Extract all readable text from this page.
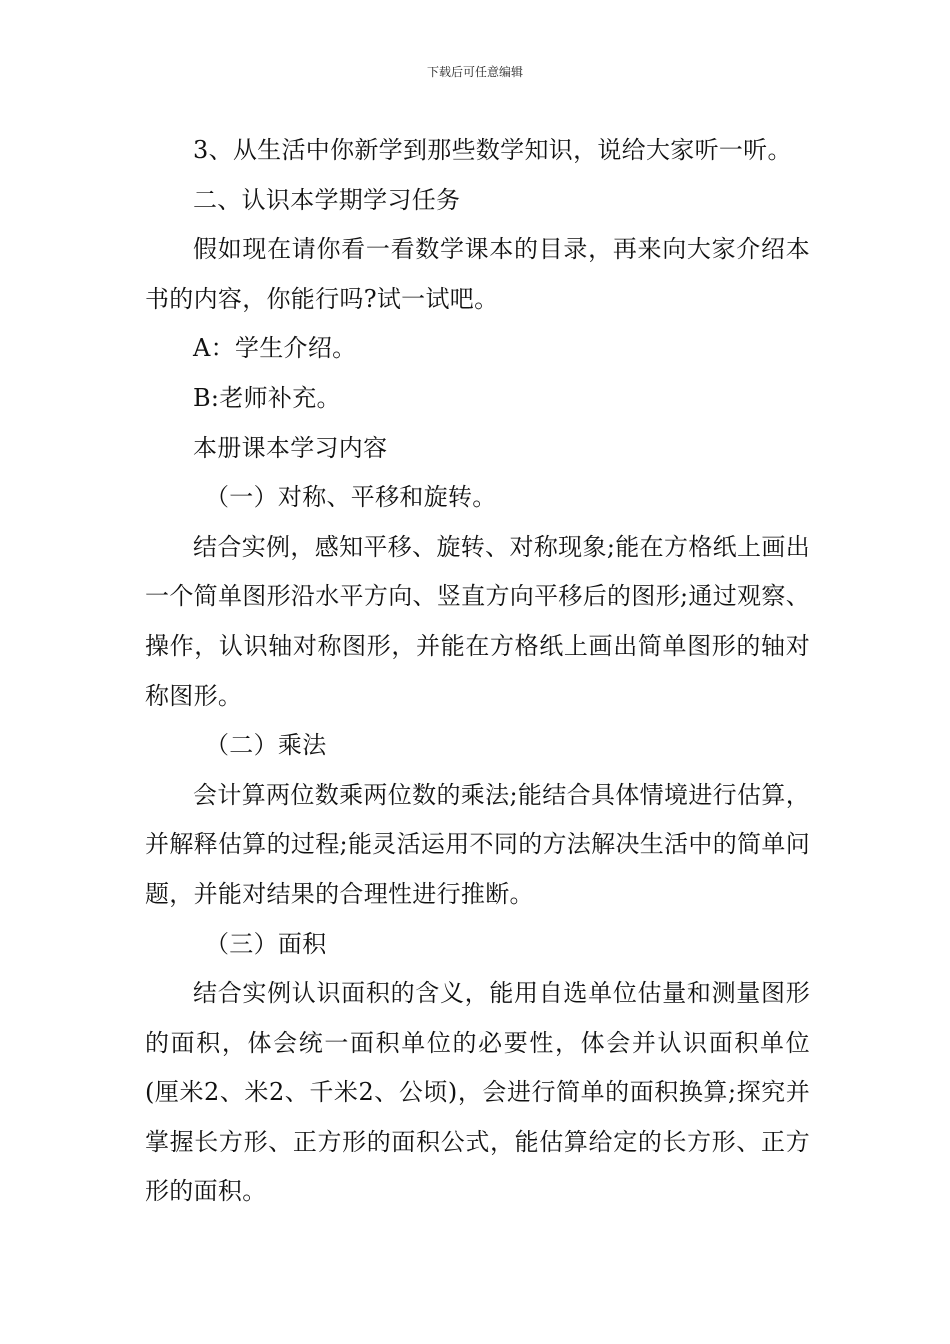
下载后可任意编辑

3、从生活中你新学到那些数学知识，说给大家听一听。

二、认识本学期学习任务

假如现在请你看一看数学课本的目录，再来向大家介绍本书的内容，你能行吗?试一试吧。

A：学生介绍。

B:老师补充。

本册课本学习内容

（一）对称、平移和旋转。

结合实例，感知平移、旋转、对称现象;能在方格纸上画出一个简单图形沿水平方向、竖直方向平移后的图形;通过观察、操作，认识轴对称图形，并能在方格纸上画出简单图形的轴对称图形。

（二）乘法

会计算两位数乘两位数的乘法;能结合具体情境进行估算，并解释估算的过程;能灵活运用不同的方法解决生活中的简单问题，并能对结果的合理性进行推断。

（三）面积

结合实例认识面积的含义，能用自选单位估量和测量图形的面积，体会统一面积单位的必要性，体会并认识面积单位(厘米2、米2、千米2、公顷)，会进行简单的面积换算;探究并掌握长方形、正方形的面积公式，能估算给定的长方形、正方形的面积。
